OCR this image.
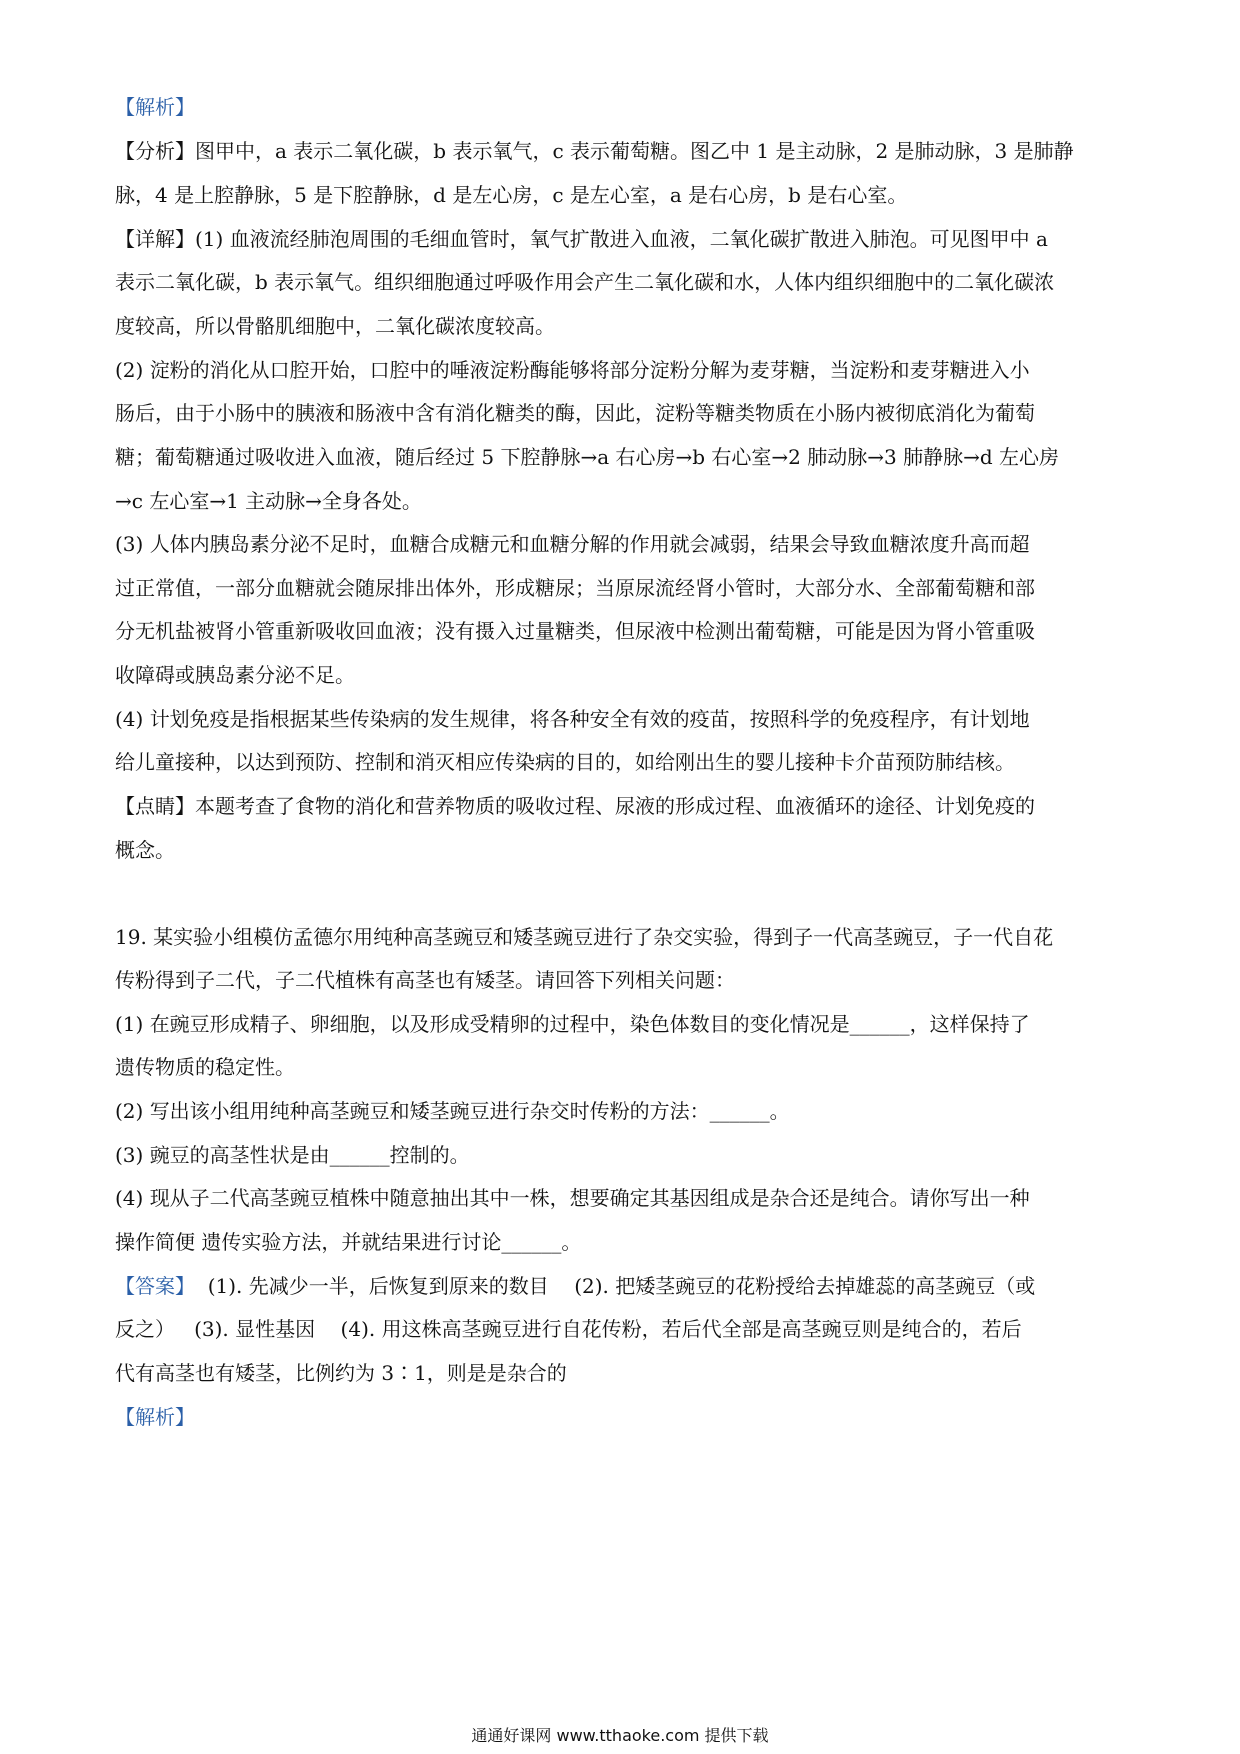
【解析】
【分析】图甲中，a 表示二氧化碳，b 表示氧气，c 表示葡萄糖。图乙中 1 是主动脉，2 是肺动脉，3 是肺静
脉，4 是上腔静脉，5 是下腔静脉，d 是左心房，c 是左心室，a 是右心房，b 是右心室。
【详解】(1) 血液流经肺泡周围的毛细血管时，氧气扩散进入血液，二氧化碳扩散进入肺泡。可见图甲中 a
表示二氧化碳，b 表示氧气。组织细胞通过呼吸作用会产生二氧化碳和水，人体内组织细胞中的二氧化碳浓
度较高，所以骨骼肌细胞中，二氧化碳浓度较高。
(2) 淀粉的消化从口腔开始，口腔中的唾液淀粉酶能够将部分淀粉分解为麦芽糖，当淀粉和麦芽糖进入小
肠后，由于小肠中的胰液和肠液中含有消化糖类的酶，因此，淀粉等糖类物质在小肠内被彻底消化为葡萄
糖；葡萄糖通过吸收进入血液，随后经过 5 下腔静脉→a 右心房→b 右心室→2 肺动脉→3 肺静脉→d 左心房
→c 左心室→1 主动脉→全身各处。
(3) 人体内胰岛素分泌不足时，血糖合成糖元和血糖分解的作用就会减弱，结果会导致血糖浓度升高而超
过正常值，一部分血糖就会随尿排出体外，形成糖尿；当原尿流经肾小管时，大部分水、全部葡萄糖和部
分无机盐被肾小管重新吸收回血液；没有摄入过量糖类，但尿液中检测出葡萄糖，可能是因为肾小管重吸
收障碍或胰岛素分泌不足。
(4) 计划免疫是指根据某些传染病的发生规律，将各种安全有效的疫苗，按照科学的免疫程序，有计划地
给儿童接种，以达到预防、控制和消灭相应传染病的目的，如给刚出生的婴儿接种卡介苗预防肺结核。
【点睛】本题考查了食物的消化和营养物质的吸收过程、尿液的形成过程、血液循环的途径、计划免疫的
概念。
19. 某实验小组模仿孟德尔用纯种高茎豌豆和矮茎豌豆进行了杂交实验，得到子一代高茎豌豆，子一代自花
传粉得到子二代，子二代植株有高茎也有矮茎。请回答下列相关问题：
(1) 在豌豆形成精子、卵细胞，以及形成受精卵的过程中，染色体数目的变化情况是______，这样保持了
遗传物质的稳定性。
(2) 写出该小组用纯种高茎豌豆和矮茎豌豆进行杂交时传粉的方法：______。
(3) 豌豆的高茎性状是由______控制的。
(4) 现从子二代高茎豌豆植株中随意抽出其中一株，想要确定其基因组成是杂合还是纯合。请你写出一种
操作简便 遗传实验方法，并就结果进行讨论______。
【答案】  (1). 先减少一半，后恢复到原来的数目    (2). 把矮茎豌豆的花粉授给去掉雄蕊的高茎豌豆（或
反之）   (3). 显性基因    (4). 用这株高茎豌豆进行自花传粉，若后代全部是高茎豌豆则是纯合的，若后
代有高茎也有矮茎，比例约为 3∶1，则是是杂合的
【解析】
通通好课网 www.tthaoke.com 提供下载
